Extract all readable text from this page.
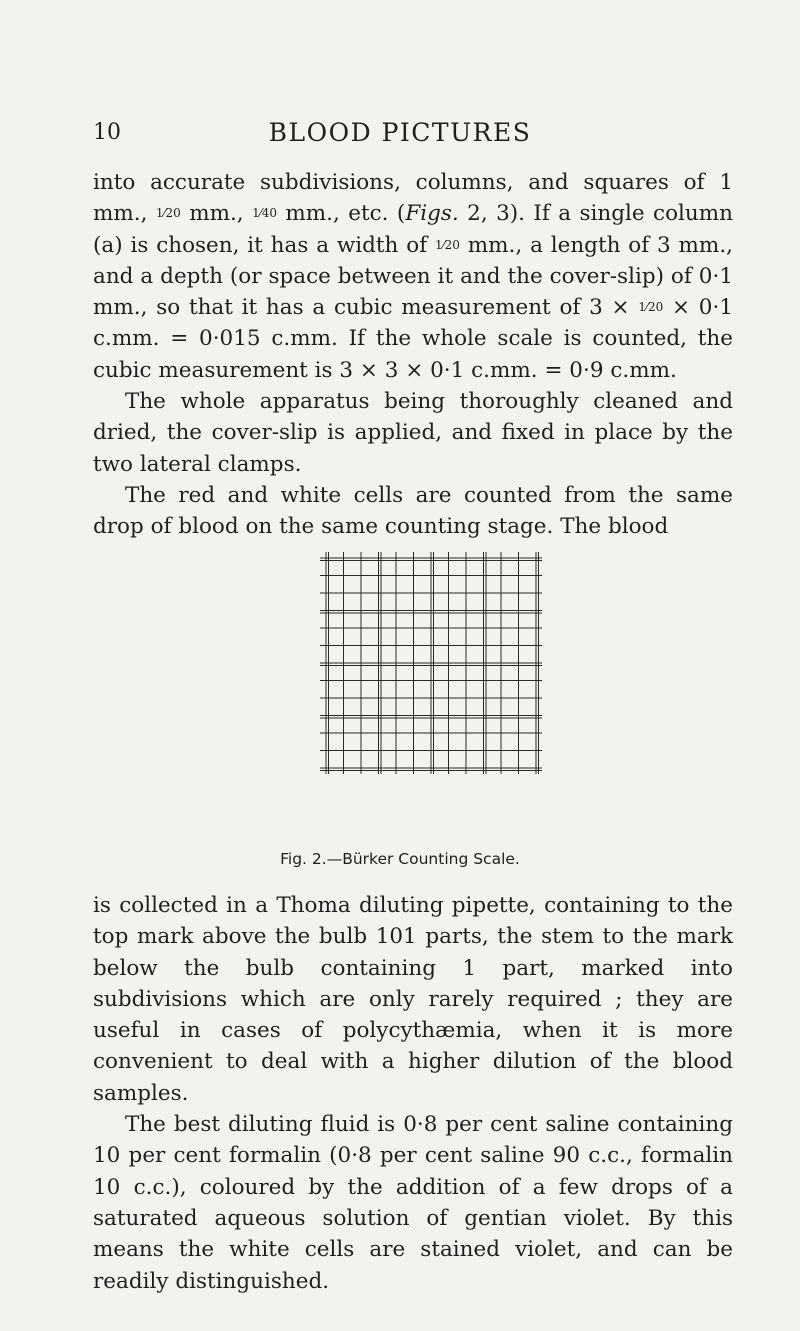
10	BLOOD PICTURES

into accurate subdivisions, columns, and squares of 1 mm., 1⁄20 mm., 1⁄40 mm., etc. (Figs. 2, 3). If a single column (a) is chosen, it has a width of 1⁄20 mm., a length of 3 mm., and a depth (or space between it and the cover-slip) of 0·1 mm., so that it has a cubic measurement of 3 × 1⁄20 × 0·1 c.mm. = 0·015 c.mm. If the whole scale is counted, the cubic measurement is 3 × 3 × 0·1 c.mm. = 0·9 c.mm.

The whole apparatus being thoroughly cleaned and dried, the cover-slip is applied, and fixed in place by the two lateral clamps.

The red and white cells are counted from the same drop of blood on the same counting stage. The blood

Fig. 2.—Bürker Counting Scale.

is collected in a Thoma diluting pipette, containing to the top mark above the bulb 101 parts, the stem to the mark below the bulb containing 1 part, marked into subdivisions which are only rarely required ; they are useful in cases of polycythæmia, when it is more convenient to deal with a higher dilution of the blood samples.

The best diluting fluid is 0·8 per cent saline containing 10 per cent formalin (0·8 per cent saline 90 c.c., formalin 10 c.c.), coloured by the addition of a few drops of a saturated aqueous solution of gentian violet. By this means the white cells are stained violet, and can be readily distinguished.
